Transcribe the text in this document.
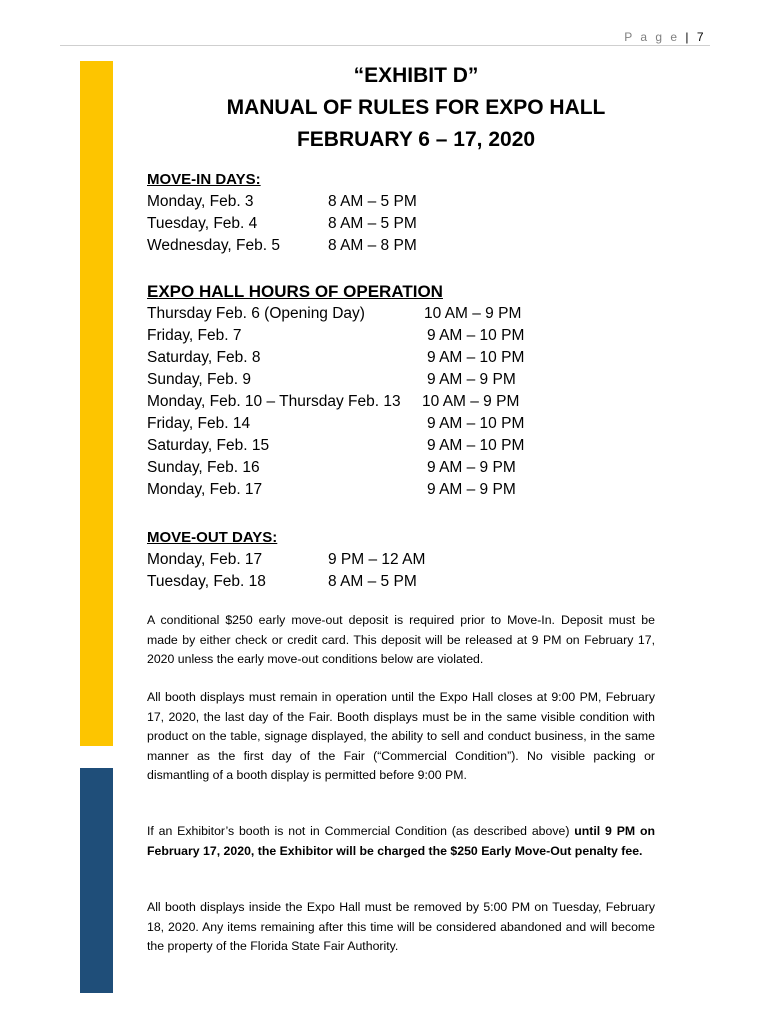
P a g e | 7
“EXHIBIT D”
MANUAL OF RULES FOR EXPO HALL
FEBRUARY 6 – 17, 2020
MOVE-IN DAYS:
Monday, Feb. 3	8 AM – 5 PM
Tuesday, Feb. 4	8 AM – 5 PM
Wednesday, Feb. 5	8 AM – 8 PM
EXPO HALL HOURS OF OPERATION
Thursday Feb. 6 (Opening Day)	10 AM – 9 PM
Friday, Feb. 7	9 AM – 10 PM
Saturday, Feb. 8	9 AM – 10 PM
Sunday, Feb. 9	9 AM – 9 PM
Monday, Feb. 10 – Thursday Feb. 13 10 AM – 9 PM
Friday, Feb. 14	9 AM – 10 PM
Saturday, Feb. 15	9 AM – 10 PM
Sunday, Feb. 16	9 AM – 9 PM
Monday, Feb. 17	9 AM – 9 PM
MOVE-OUT DAYS:
Monday, Feb. 17	9 PM – 12 AM
Tuesday, Feb. 18	8 AM – 5 PM
A conditional $250 early move-out deposit is required prior to Move-In. Deposit must be made by either check or credit card. This deposit will be released at 9 PM on February 17, 2020 unless the early move-out conditions below are violated.
All booth displays must remain in operation until the Expo Hall closes at 9:00 PM, February 17, 2020, the last day of the Fair. Booth displays must be in the same visible condition with product on the table, signage displayed, the ability to sell and conduct business, in the same manner as the first day of the Fair (“Commercial Condition”). No visible packing or dismantling of a booth display is permitted before 9:00 PM.
If an Exhibitor’s booth is not in Commercial Condition (as described above) until 9 PM on February 17, 2020, the Exhibitor will be charged the $250 Early Move-Out penalty fee.
All booth displays inside the Expo Hall must be removed by 5:00 PM on Tuesday, February 18, 2020. Any items remaining after this time will be considered abandoned and will become the property of the Florida State Fair Authority.
